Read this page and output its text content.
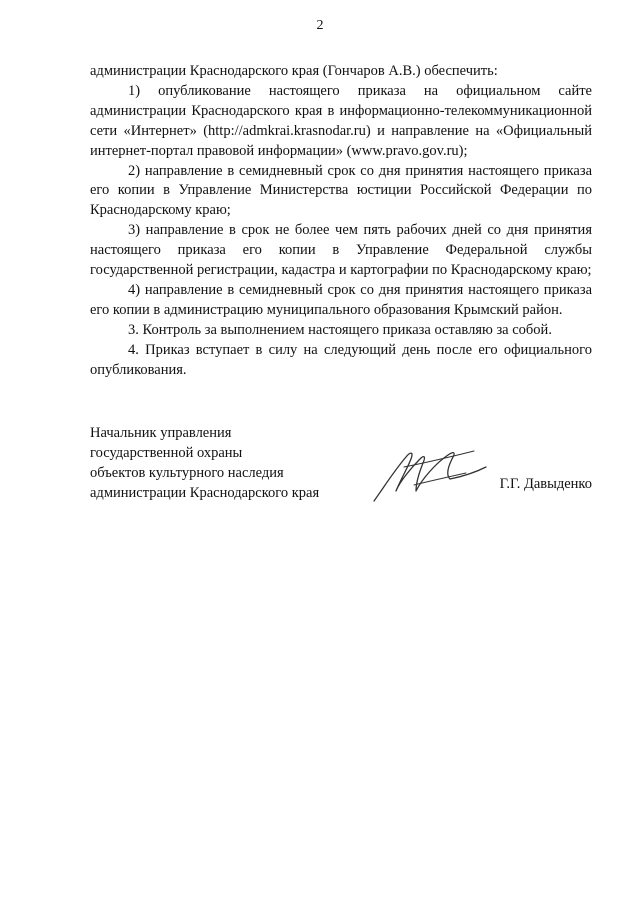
2

администрации Краснодарского края (Гончаров А.В.) обеспечить:

1) опубликование настоящего приказа на официальном сайте администрации Краснодарского края в информационно-телекоммуникационной сети «Интернет» (http://admkrai.krasnodar.ru) и направление на «Официальный интернет-портал правовой информации» (www.pravo.gov.ru);

2) направление в семидневный срок со дня принятия настоящего приказа его копии в Управление Министерства юстиции Российской Федерации по Краснодарскому краю;

3) направление в срок не более чем пять рабочих дней со дня принятия настоящего приказа его копии в Управление Федеральной службы государственной регистрации, кадастра и картографии по Краснодарскому краю;

4) направление в семидневный срок со дня принятия настоящего приказа его копии в администрацию муниципального образования Крымский район.

3. Контроль за выполнением настоящего приказа оставляю за собой.

4. Приказ вступает в силу на следующий день после его официального опубликования.

Начальник управления
государственной охраны
объектов культурного наследия
администрации Краснодарского края
Г.Г. Давыденко
